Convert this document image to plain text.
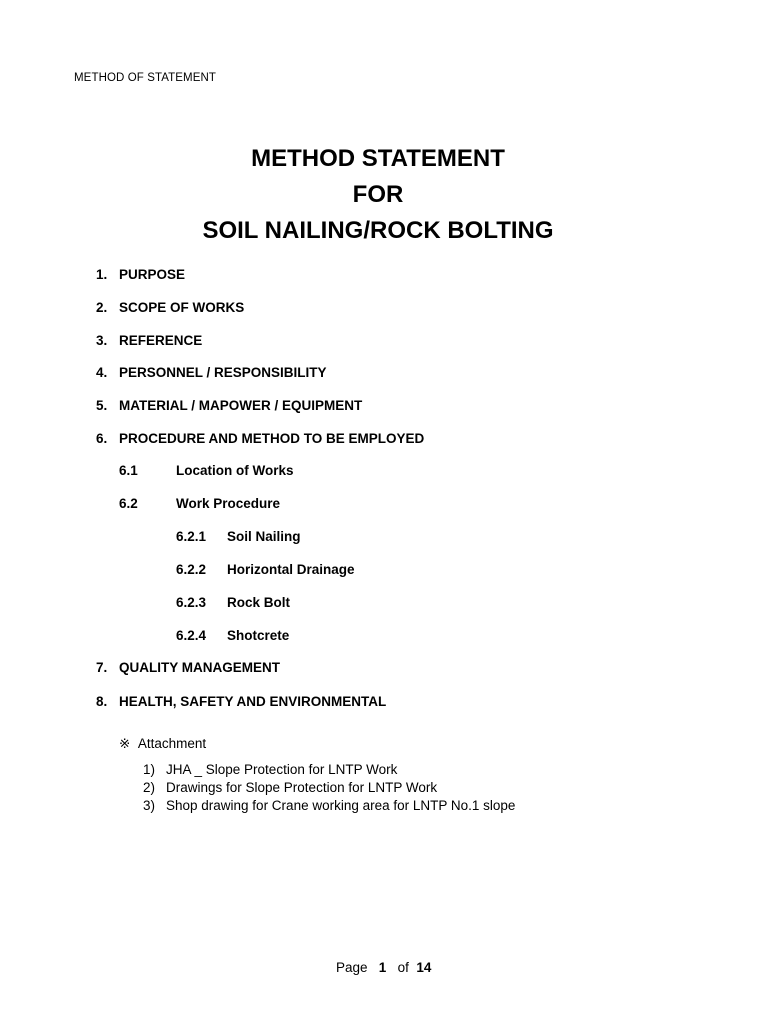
METHOD OF STATEMENT
METHOD STATEMENT
FOR
SOIL NAILING/ROCK BOLTING
1. PURPOSE
2. SCOPE OF WORKS
3. REFERENCE
4. PERSONNEL / RESPONSIBILITY
5. MATERIAL / MAPOWER / EQUIPMENT
6. PROCEDURE AND METHOD TO BE EMPLOYED
6.1	Location of Works
6.2	Work Procedure
6.2.1 Soil Nailing
6.2.2 Horizontal Drainage
6.2.3 Rock Bolt
6.2.4 Shotcrete
7. QUALITY MANAGEMENT
8. HEALTH, SAFETY AND ENVIRONMENTAL
※ Attachment
1) JHA _ Slope Protection for LNTP Work
2) Drawings for Slope Protection for LNTP Work
3) Shop drawing for Crane working area for LNTP No.1 slope
Page 1 of 14
